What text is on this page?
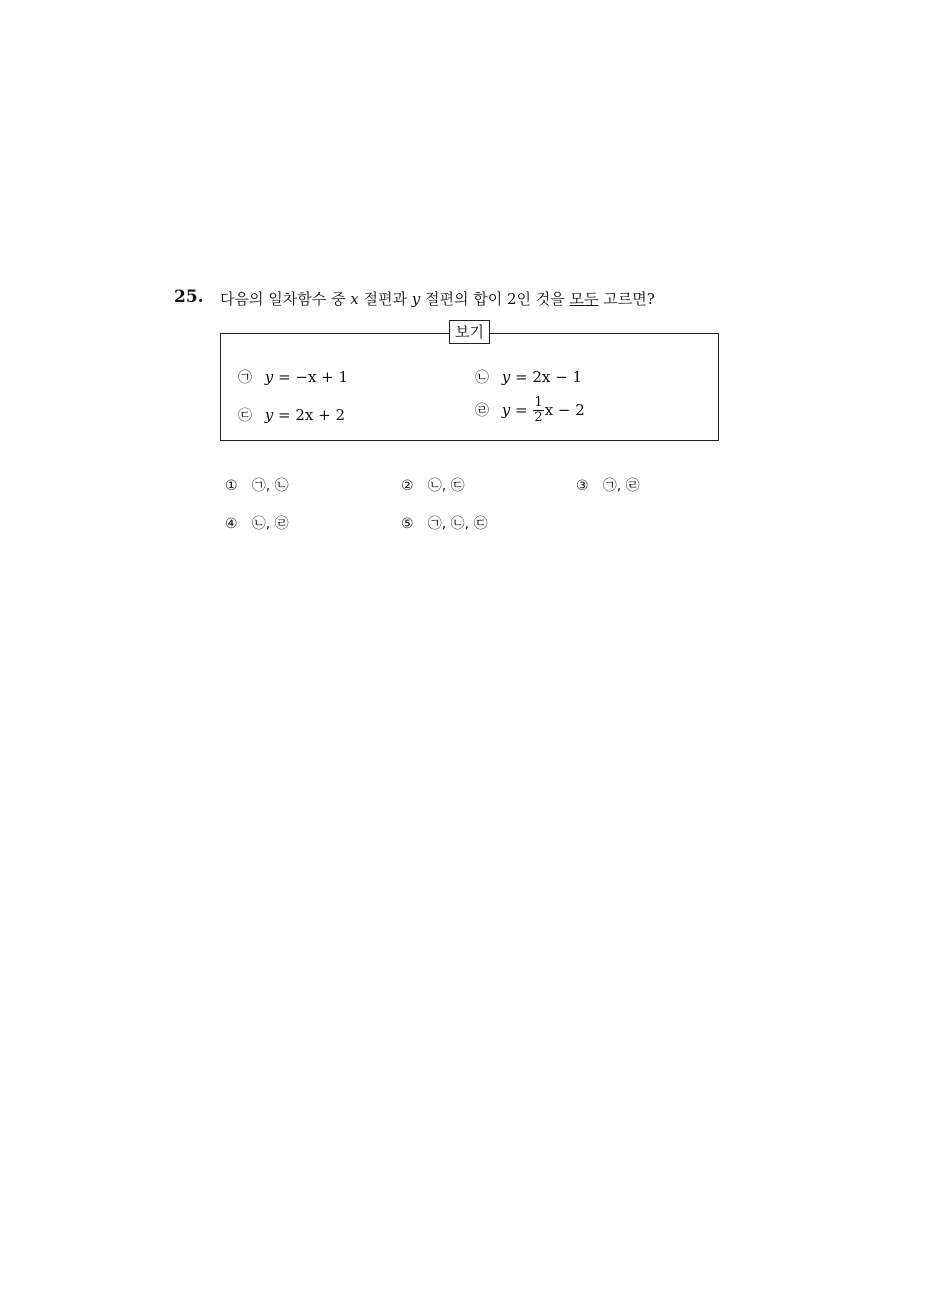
25. 다음의 일차함수 중 x 절편과 y 절편의 합이 2인 것을 모두 고르면?
보기
㉠ y = −x + 1	㉡ y = 2x − 1
㉢ y = 2x + 2	㉣ $y = \frac{1}{2}$ x − 2
① ㉠, ㉡	② ㉡, ㉢	③ ㉠, ㉣
④ ㉡, ㉣	⑤ ㉠, ㉡, ㉢
